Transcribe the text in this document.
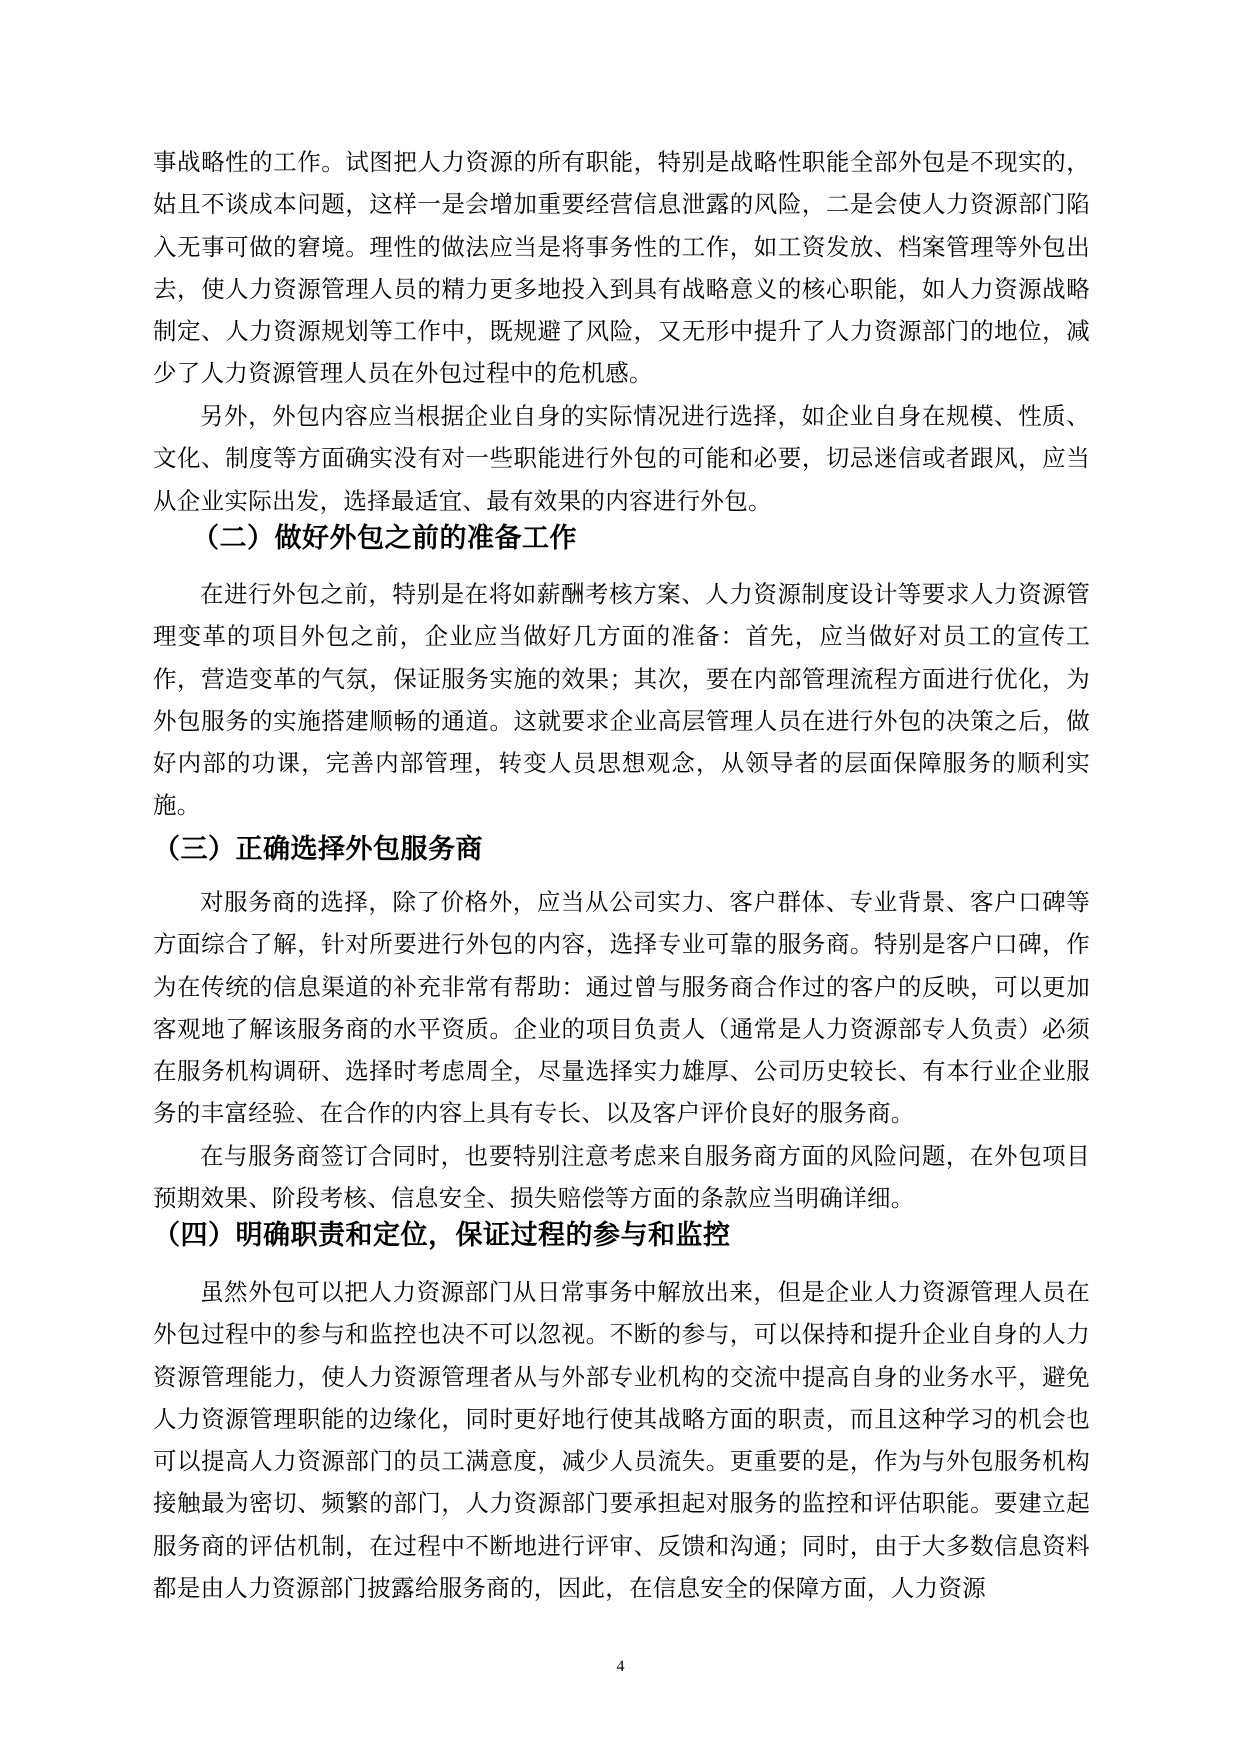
事战略性的工作。试图把人力资源的所有职能，特别是战略性职能全部外包是不现实的，姑且不谈成本问题，这样一是会增加重要经营信息泄露的风险，二是会使人力资源部门陷入无事可做的窘境。理性的做法应当是将事务性的工作，如工资发放、档案管理等外包出去，使人力资源管理人员的精力更多地投入到具有战略意义的核心职能，如人力资源战略制定、人力资源规划等工作中，既规避了风险，又无形中提升了人力资源部门的地位，减少了人力资源管理人员在外包过程中的危机感。

另外，外包内容应当根据企业自身的实际情况进行选择，如企业自身在规模、性质、文化、制度等方面确实没有对一些职能进行外包的可能和必要，切忌迷信或者跟风，应当从企业实际出发，选择最适宜、最有效果的内容进行外包。

（二）做好外包之前的准备工作

在进行外包之前，特别是在将如薪酬考核方案、人力资源制度设计等要求人力资源管理变革的项目外包之前，企业应当做好几方面的准备：首先，应当做好对员工的宣传工作，营造变革的气氛，保证服务实施的效果；其次，要在内部管理流程方面进行优化，为外包服务的实施搭建顺畅的通道。这就要求企业高层管理人员在进行外包的决策之后，做好内部的功课，完善内部管理，转变人员思想观念，从领导者的层面保障服务的顺利实施。

（三）正确选择外包服务商

对服务商的选择，除了价格外，应当从公司实力、客户群体、专业背景、客户口碑等方面综合了解，针对所要进行外包的内容，选择专业可靠的服务商。特别是客户口碑，作为在传统的信息渠道的补充非常有帮助：通过曾与服务商合作过的客户的反映，可以更加客观地了解该服务商的水平资质。企业的项目负责人（通常是人力资源部专人负责）必须在服务机构调研、选择时考虑周全，尽量选择实力雄厚、公司历史较长、有本行业企业服务的丰富经验、在合作的内容上具有专长、以及客户评价良好的服务商。

在与服务商签订合同时，也要特别注意考虑来自服务商方面的风险问题，在外包项目预期效果、阶段考核、信息安全、损失赔偿等方面的条款应当明确详细。

（四）明确职责和定位，保证过程的参与和监控

虽然外包可以把人力资源部门从日常事务中解放出来，但是企业人力资源管理人员在外包过程中的参与和监控也决不可以忽视。不断的参与，可以保持和提升企业自身的人力资源管理能力，使人力资源管理者从与外部专业机构的交流中提高自身的业务水平，避免人力资源管理职能的边缘化，同时更好地行使其战略方面的职责，而且这种学习的机会也可以提高人力资源部门的员工满意度，减少人员流失。更重要的是，作为与外包服务机构接触最为密切、频繁的部门，人力资源部门要承担起对服务的监控和评估职能。要建立起服务商的评估机制，在过程中不断地进行评审、反馈和沟通；同时，由于大多数信息资料都是由人力资源部门披露给服务商的，因此，在信息安全的保障方面，人力资源

4
